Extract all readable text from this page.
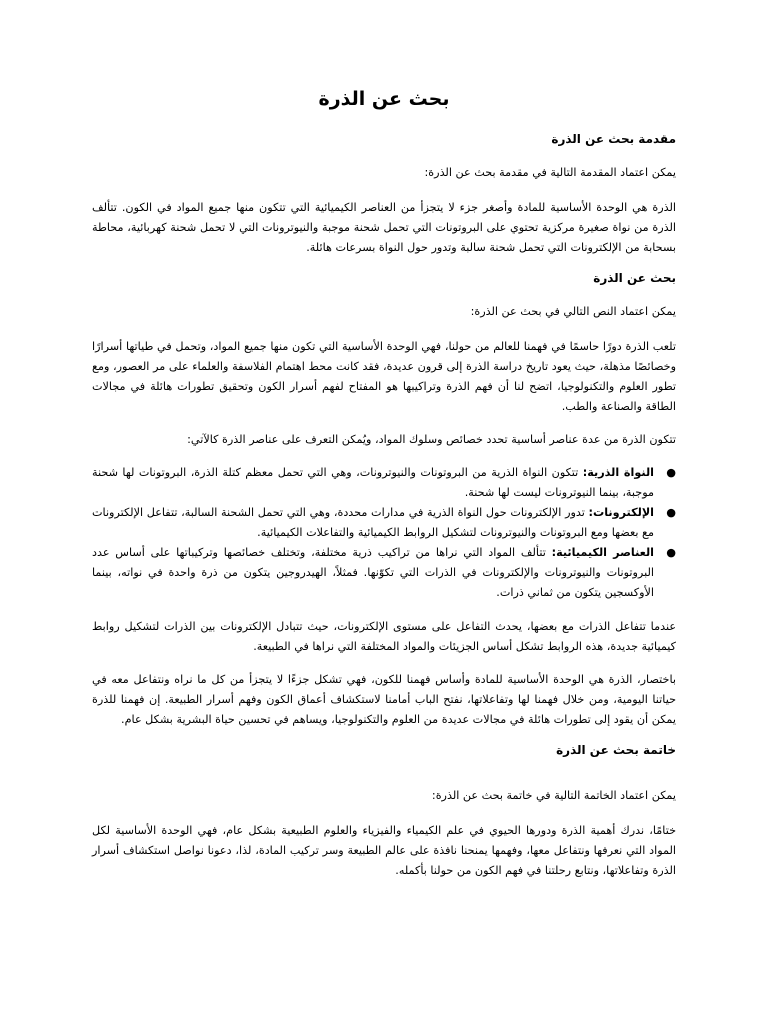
بحث عن الذرة
مقدمة بحث عن الذرة

يمكن اعتماد المقدمة التالية في مقدمة بحث عن الذرة:

الذرة هي الوحدة الأساسية للمادة وأصغر جزء لا يتجزأ من العناصر الكيميائية التي تتكون منها جميع المواد في الكون. تتألف الذرة من نواة صغيرة مركزية تحتوي على البروتونات التي تحمل شحنة موجبة والنيوترونات التي لا تحمل شحنة كهربائية، محاطة بسحابة من الإلكترونات التي تحمل شحنة سالبة وتدور حول النواة بسرعات هائلة.

بحث عن الذرة

يمكن اعتماد النص التالي في بحث عن الذرة:

تلعب الذرة دورًا حاسمًا في فهمنا للعالم من حولنا، فهي الوحدة الأساسية التي تكون منها جميع المواد، وتحمل في طياتها أسرارًا وخصائصًا مذهلة، حيث يعود تاريخ دراسة الذرة إلى قرون عديدة، فقد كانت محط اهتمام الفلاسفة والعلماء على مر العصور، ومع تطور العلوم والتكنولوجيا، اتضح لنا أن فهم الذرة وتراكيبها هو المفتاح لفهم أسرار الكون وتحقيق تطورات هائلة في مجالات الطاقة والصناعة والطب.

تتكون الذرة من عدة عناصر أساسية تحدد خصائص وسلوك المواد، ويُمكن التعرف على عناصر الذرة كالآتي:

●
النواة الذرية: تتكون النواة الذرية من البروتونات والنيوترونات، وهي التي تحمل معظم كتلة الذرة، البروتونات لها شحنة موجبة، بينما النيوترونات ليست لها شحنة.
●
الإلكترونات: تدور الإلكترونات حول النواة الذرية في مدارات محددة، وهي التي تحمل الشحنة السالبة، تتفاعل الإلكترونات مع بعضها ومع البروتونات والنيوترونات لتشكيل الروابط الكيميائية والتفاعلات الكيميائية.
●
العناصر الكيميائية: تتألف المواد التي نراها من تراكيب ذرية مختلفة، وتختلف خصائصها وتركيباتها على أساس عدد البروتونات والنيوترونات والإلكترونات في الذرات التي تكوّنها. فمثلاً، الهيدروجين يتكون من ذرة واحدة في نواته، بينما الأوكسجين يتكون من ثماني ذرات.

عندما تتفاعل الذرات مع بعضها، يحدث التفاعل على مستوى الإلكترونات، حيث تتبادل الإلكترونات بين الذرات لتشكيل روابط كيميائية جديدة، هذه الروابط تشكل أساس الجزيئات والمواد المختلفة التي نراها في الطبيعة.

باختصار، الذرة هي الوحدة الأساسية للمادة وأساس فهمنا للكون، فهي تشكل جزءًا لا يتجزأ من كل ما نراه ونتفاعل معه في حياتنا اليومية، ومن خلال فهمنا لها وتفاعلاتها، نفتح الباب أمامنا لاستكشاف أعماق الكون وفهم أسرار الطبيعة. إن فهمنا للذرة يمكن أن يقود إلى تطورات هائلة في مجالات عديدة من العلوم والتكنولوجيا، ويساهم في تحسين حياة البشرية بشكل عام.

خاتمة بحث عن الذرة

يمكن اعتماد الخاتمة التالية في خاتمة بحث عن الذرة:

ختامًا، ندرك أهمية الذرة ودورها الحيوي في علم الكيمياء والفيزياء والعلوم الطبيعية بشكل عام، فهي الوحدة الأساسية لكل المواد التي نعرفها ونتفاعل معها، وفهمها يمنحنا نافذة على عالم الطبيعة وسر تركيب المادة، لذا، دعونا نواصل استكشاف أسرار الذرة وتفاعلاتها، ونتابع رحلتنا في فهم الكون من حولنا بأكمله.
